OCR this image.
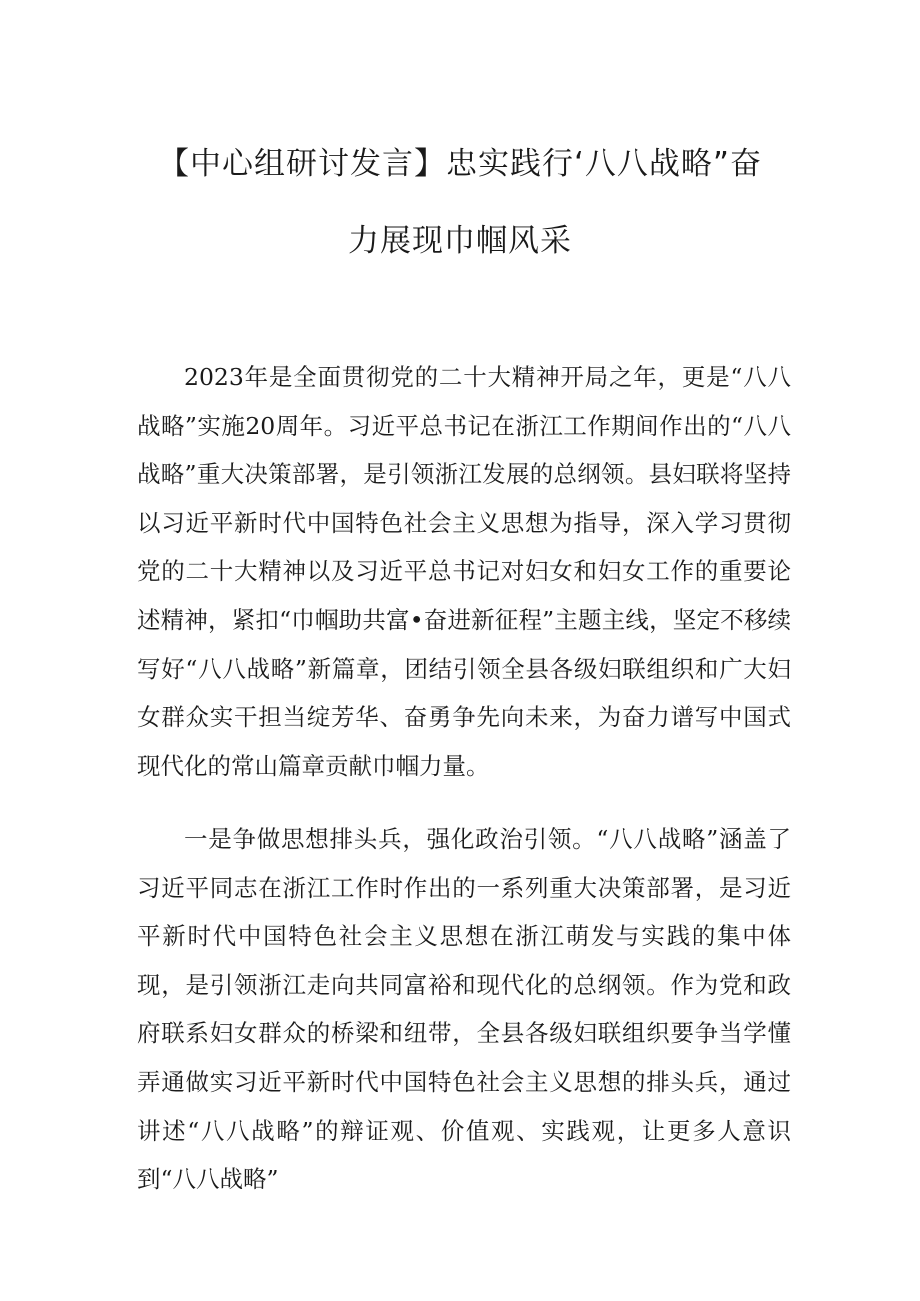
【中心组研讨发言】忠实践行‘八八战略”奋
力展现巾帼风采

2023年是全面贯彻党的二十大精神开局之年，更是“八八战略”实施20周年。习近平总书记在浙江工作期间作出的“八八战略”重大决策部署，是引领浙江发展的总纲领。县妇联将坚持以习近平新时代中国特色社会主义思想为指导，深入学习贯彻党的二十大精神以及习近平总书记对妇女和妇女工作的重要论述精神，紧扣“巾帼助共富•奋进新征程”主题主线，坚定不移续写好“八八战略”新篇章，团结引领全县各级妇联组织和广大妇女群众实干担当绽芳华、奋勇争先向未来，为奋力谱写中国式现代化的常山篇章贡献巾帼力量。

一是争做思想排头兵，强化政治引领。“八八战略”涵盖了习近平同志在浙江工作时作出的一系列重大决策部署，是习近平新时代中国特色社会主义思想在浙江萌发与实践的集中体现，是引领浙江走向共同富裕和现代化的总纲领。作为党和政府联系妇女群众的桥梁和纽带，全县各级妇联组织要争当学懂弄通做实习近平新时代中国特色社会主义思想的排头兵，通过讲述“八八战略”的辩证观、价值观、实践观，让更多人意识到“八八战略”
